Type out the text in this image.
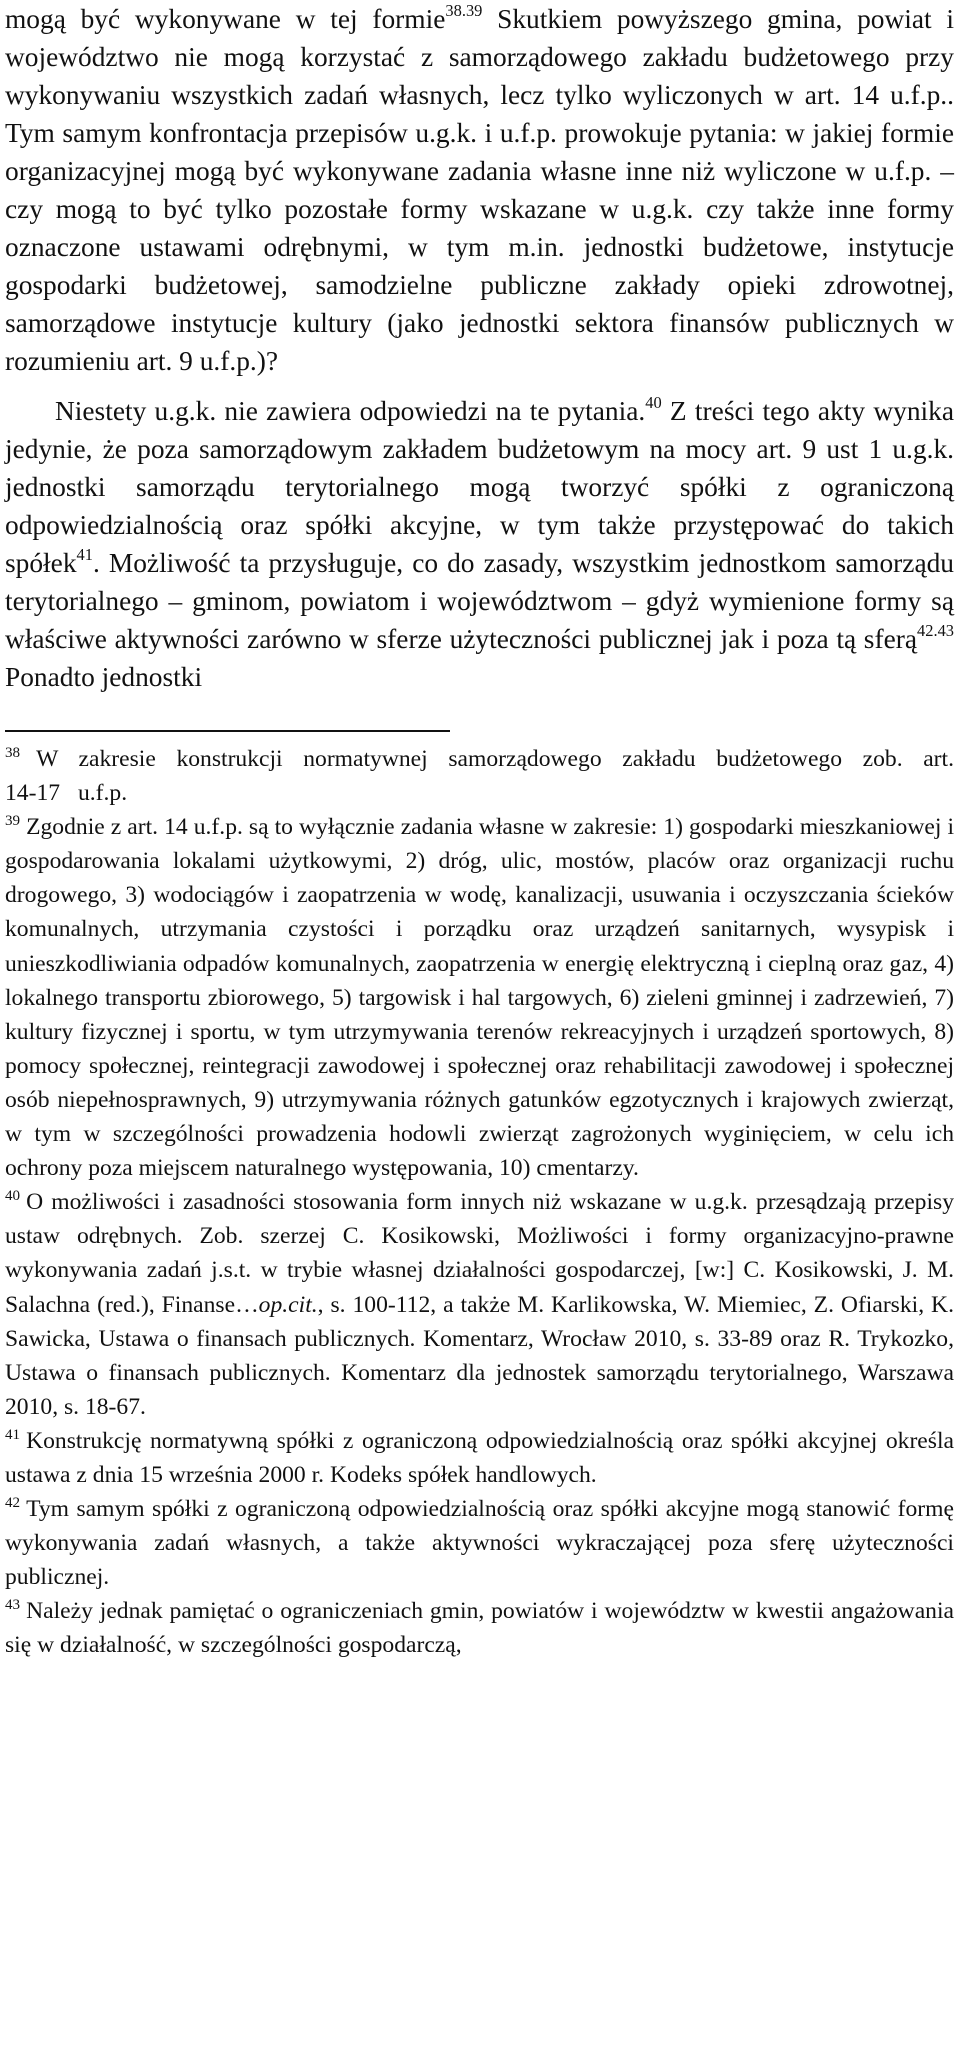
mogą być wykonywane w tej formie$^{38.39}$ Skutkiem powyższego gmina, powiat i województwo nie mogą korzystać z samorządowego zakładu budżetowego przy wykonywaniu wszystkich zadań własnych, lecz tylko wyliczonych w art. 14 u.f.p.. Tym samym konfrontacja przepisów u.g.k. i u.f.p. prowokuje pytania: w jakiej formie organizacyjnej mogą być wykonywane zadania własne inne niż wyliczone w u.f.p. – czy mogą to być tylko pozostałe formy wskazane w u.g.k. czy także inne formy oznaczone ustawami odrębnymi, w tym m.in. jednostki budżetowe, instytucje gospodarki budżetowej, samodzielne publiczne zakłady opieki zdrowotnej, samorządowe instytucje kultury (jako jednostki sektora finansów publicznych w rozumieniu art. 9 u.f.p.)?

Niestety u.g.k. nie zawiera odpowiedzi na te pytania.$^{40}$ Z treści tego akty wynika jedynie, że poza samorządowym zakładem budżetowym na mocy art. 9 ust 1 u.g.k. jednostki samorządu terytorialnego mogą tworzyć spółki z ograniczoną odpowiedzialnością oraz spółki akcyjne, w tym także przystępować do takich spółek$^{41}$. Możliwość ta przysługuje, co do zasady, wszystkim jednostkom samorządu terytorialnego – gminom, powiatom i województwom – gdyż wymienione formy są właściwe aktywności zarówno w sferze użyteczności publicznej jak i poza tą sferą$^{42.43}$ Ponadto jednostki

$^{38}$ W zakresie konstrukcji normatywnej samorządowego zakładu budżetowego zob. art. 14-17 u.f.p.

$^{39}$ Zgodnie z art. 14 u.f.p. są to wyłącznie zadania własne w zakresie: 1) gospodarki mieszkaniowej i gospodarowania lokalami użytkowymi, 2) dróg, ulic, mostów, placów oraz organizacji ruchu drogowego, 3) wodociągów i zaopatrzenia w wodę, kanalizacji, usuwania i oczyszczania ścieków komunalnych, utrzymania czystości i porządku oraz urządzeń sanitarnych, wysypisk i unieszkodliwiania odpadów komunalnych, zaopatrzenia w energię elektryczną i cieplną oraz gaz, 4) lokalnego transportu zbiorowego, 5) targowisk i hal targowych, 6) zieleni gminnej i zadrzewień, 7) kultury fizycznej i sportu, w tym utrzymywania terenów rekreacyjnych i urządzeń sportowych, 8) pomocy społecznej, reintegracji zawodowej i społecznej oraz rehabilitacji zawodowej i społecznej osób niepełnosprawnych, 9) utrzymywania różnych gatunków egzotycznych i krajowych zwierząt, w tym w szczególności prowadzenia hodowli zwierząt zagrożonych wyginięciem, w celu ich ochrony poza miejscem naturalnego występowania, 10) cmentarzy.

$^{40}$ O możliwości i zasadności stosowania form innych niż wskazane w u.g.k. przesądzają przepisy ustaw odrębnych. Zob. szerzej C. Kosikowski, Możliwości i formy organizacyjno-prawne wykonywania zadań j.s.t. w trybie własnej działalności gospodarczej, [w:] C. Kosikowski, J. M. Salachna (red.), Finanse…op.cit., s. 100-112, a także M. Karlikowska, W. Miemiec, Z. Ofiarski, K. Sawicka, Ustawa o finansach publicznych. Komentarz, Wrocław 2010, s. 33-89 oraz R. Trykozko, Ustawa o finansach publicznych. Komentarz dla jednostek samorządu terytorialnego, Warszawa 2010, s. 18-67.

$^{41}$ Konstrukcję normatywną spółki z ograniczoną odpowiedzialnością oraz spółki akcyjnej określa ustawa z dnia 15 września 2000 r. Kodeks spółek handlowych.

$^{42}$ Tym samym spółki z ograniczoną odpowiedzialnością oraz spółki akcyjne mogą stanowić formę wykonywania zadań własnych, a także aktywności wykraczającej poza sferę użyteczności publicznej.

$^{43}$ Należy jednak pamiętać o ograniczeniach gmin, powiatów i województw w kwestii angażowania się w działalność, w szczególności gospodarczą,
